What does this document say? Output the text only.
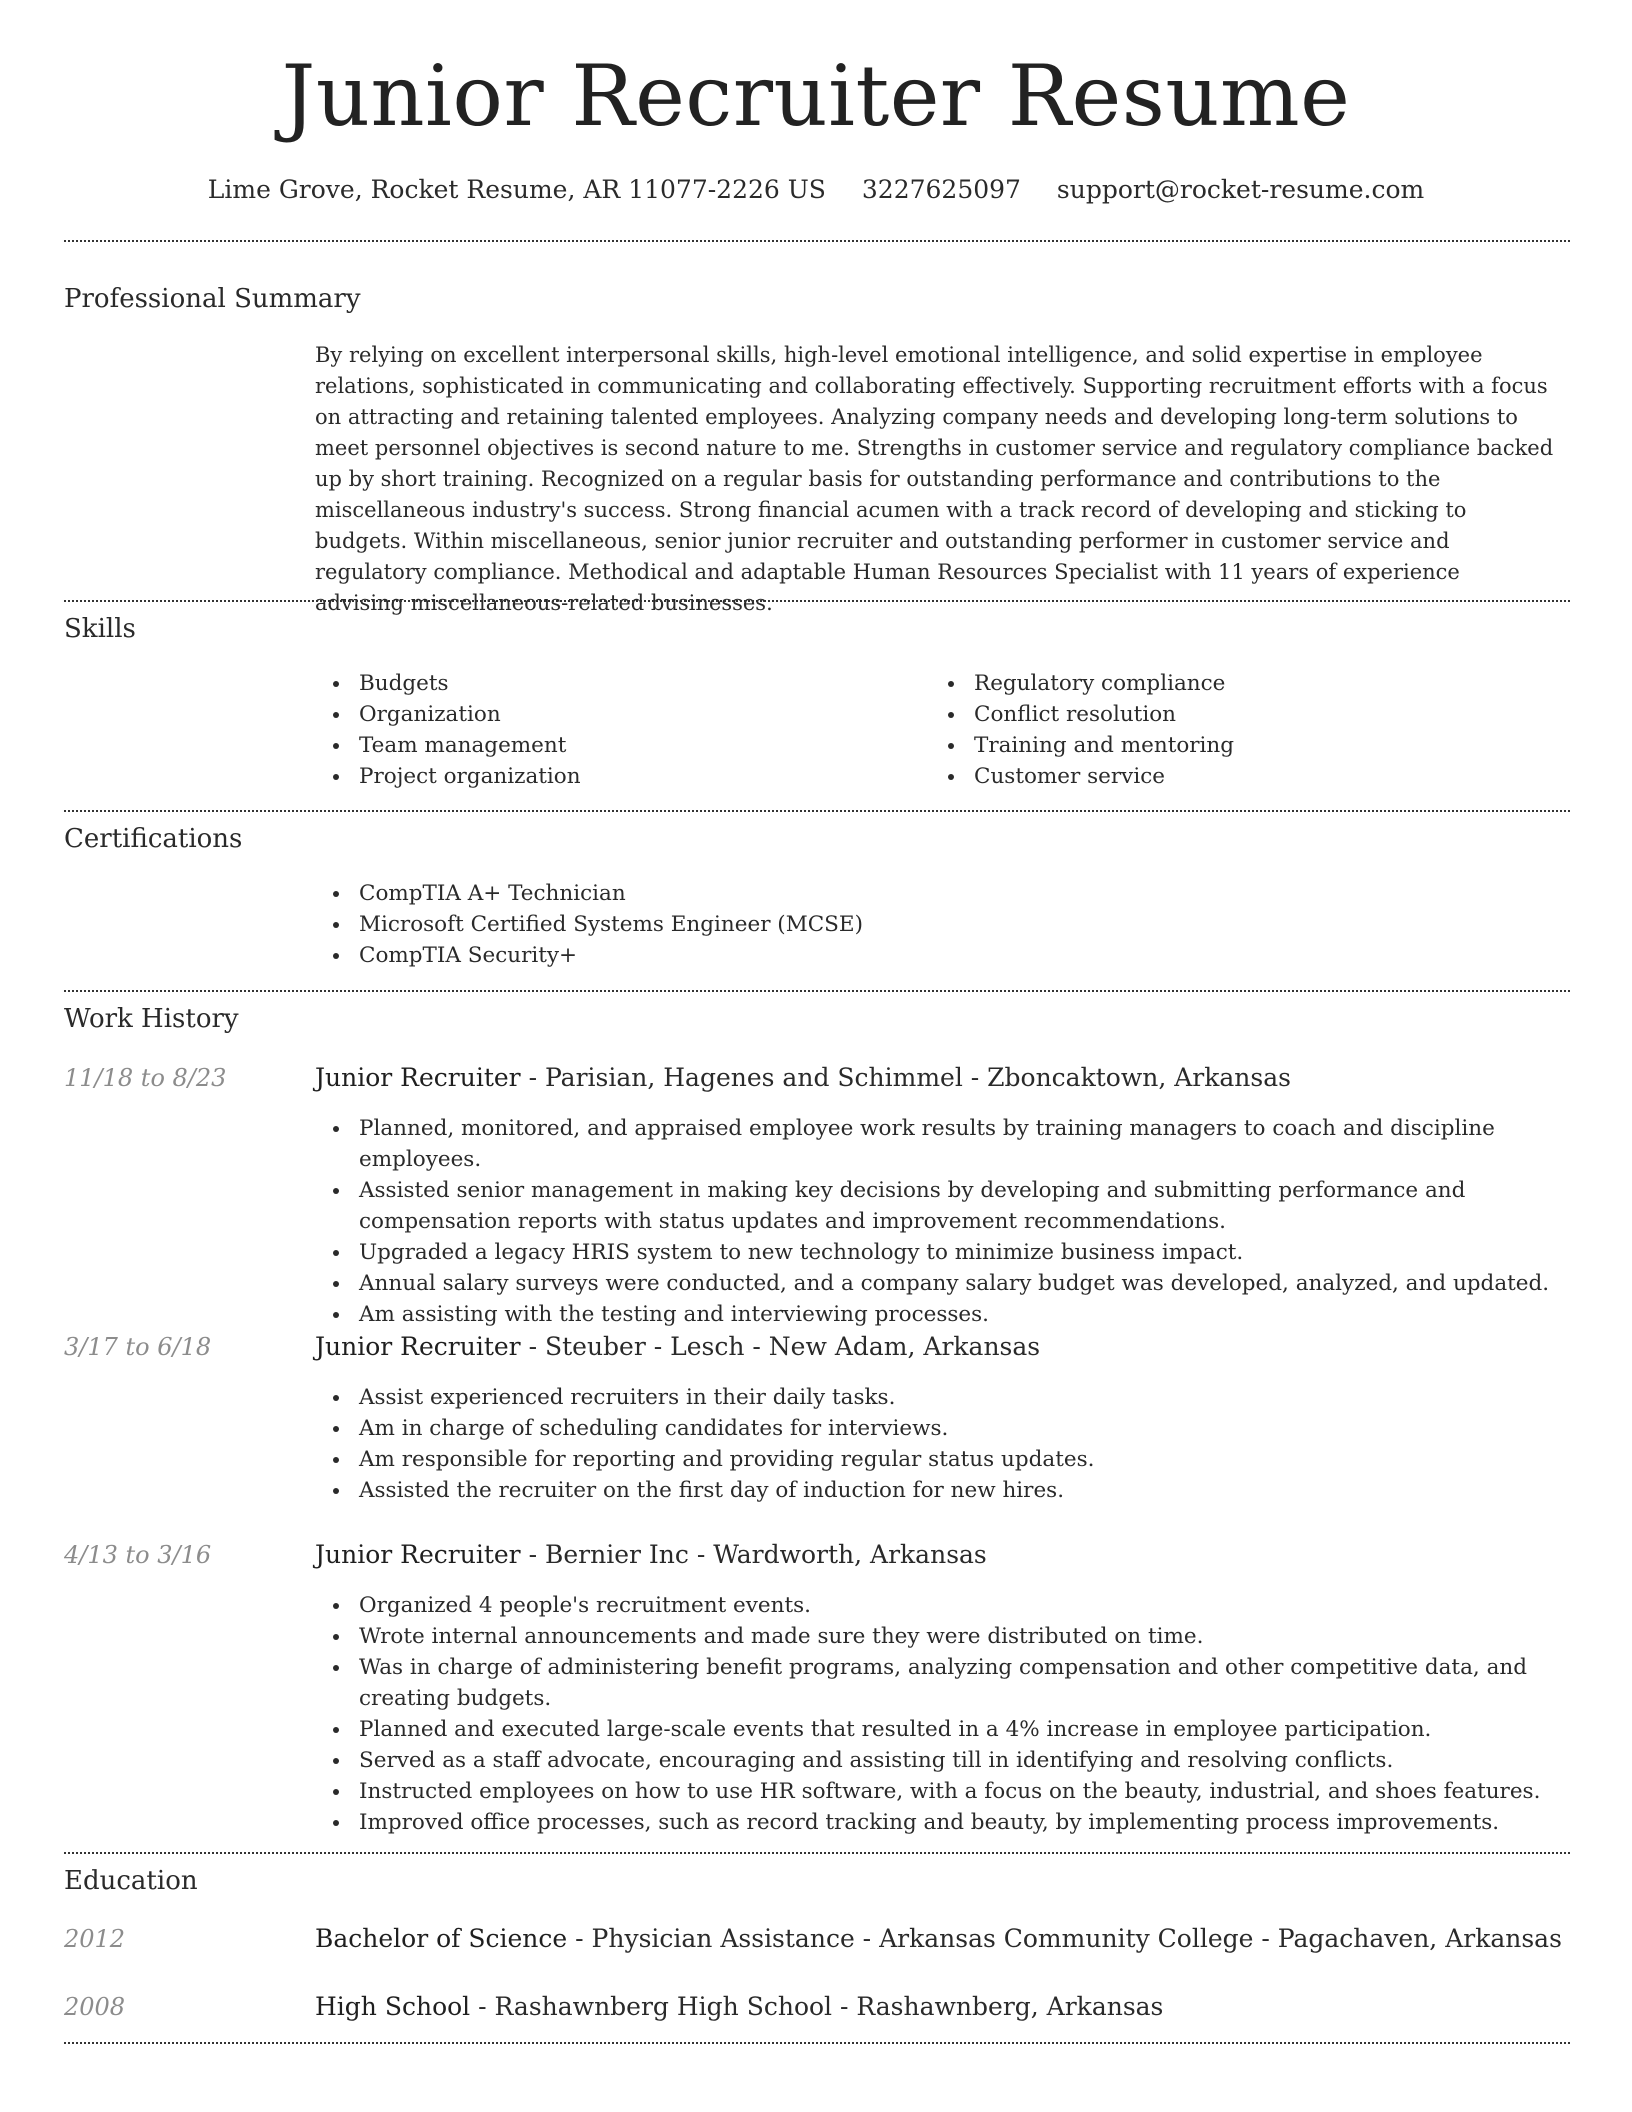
Junior Recruiter Resume
Lime Grove, Rocket Resume, AR 11077-2226 US 3227625097 support@rocket-resume.com
Professional Summary

By relying on excellent interpersonal skills, high-level emotional intelligence, and solid expertise in employee relations, sophisticated in communicating and collaborating effectively. Supporting recruitment efforts with a focus on attracting and retaining talented employees. Analyzing company needs and developing long-term solutions to meet personnel objectives is second nature to me. Strengths in customer service and regulatory compliance backed up by short training. Recognized on a regular basis for outstanding performance and contributions to the miscellaneous industry's success. Strong financial acumen with a track record of developing and sticking to budgets. Within miscellaneous, senior junior recruiter and outstanding performer in customer service and regulatory compliance. Methodical and adaptable Human Resources Specialist with 11 years of experience advising miscellaneous-related businesses.

Skills
Budgets
Organization
Team management
Project organization
Regulatory compliance
Conflict resolution
Training and mentoring
Customer service
Certifications
CompTIA A+ Technician
Microsoft Certified Systems Engineer (MCSE)
CompTIA Security+
Work History
11/18 to 8/23	Junior Recruiter - Parisian, Hagenes and Schimmel - Zboncaktown, Arkansas
Planned, monitored, and appraised employee work results by training managers to coach and discipline employees.
Assisted senior management in making key decisions by developing and submitting performance and compensation reports with status updates and improvement recommendations.
Upgraded a legacy HRIS system to new technology to minimize business impact.
Annual salary surveys were conducted, and a company salary budget was developed, analyzed, and updated.
Am assisting with the testing and interviewing processes.
3/17 to 6/18	Junior Recruiter - Steuber - Lesch - New Adam, Arkansas
Assist experienced recruiters in their daily tasks.
Am in charge of scheduling candidates for interviews.
Am responsible for reporting and providing regular status updates.
Assisted the recruiter on the first day of induction for new hires.
4/13 to 3/16	Junior Recruiter - Bernier Inc - Wardworth, Arkansas
Organized 4 people's recruitment events.
Wrote internal announcements and made sure they were distributed on time.
Was in charge of administering benefit programs, analyzing compensation and other competitive data, and creating budgets.
Planned and executed large-scale events that resulted in a 4% increase in employee participation.
Served as a staff advocate, encouraging and assisting till in identifying and resolving conflicts.
Instructed employees on how to use HR software, with a focus on the beauty, industrial, and shoes features.
Improved office processes, such as record tracking and beauty, by implementing process improvements.
Education
2012	Bachelor of Science - Physician Assistance - Arkansas Community College - Pagachaven, Arkansas
2008	High School - Rashawnberg High School - Rashawnberg, Arkansas
